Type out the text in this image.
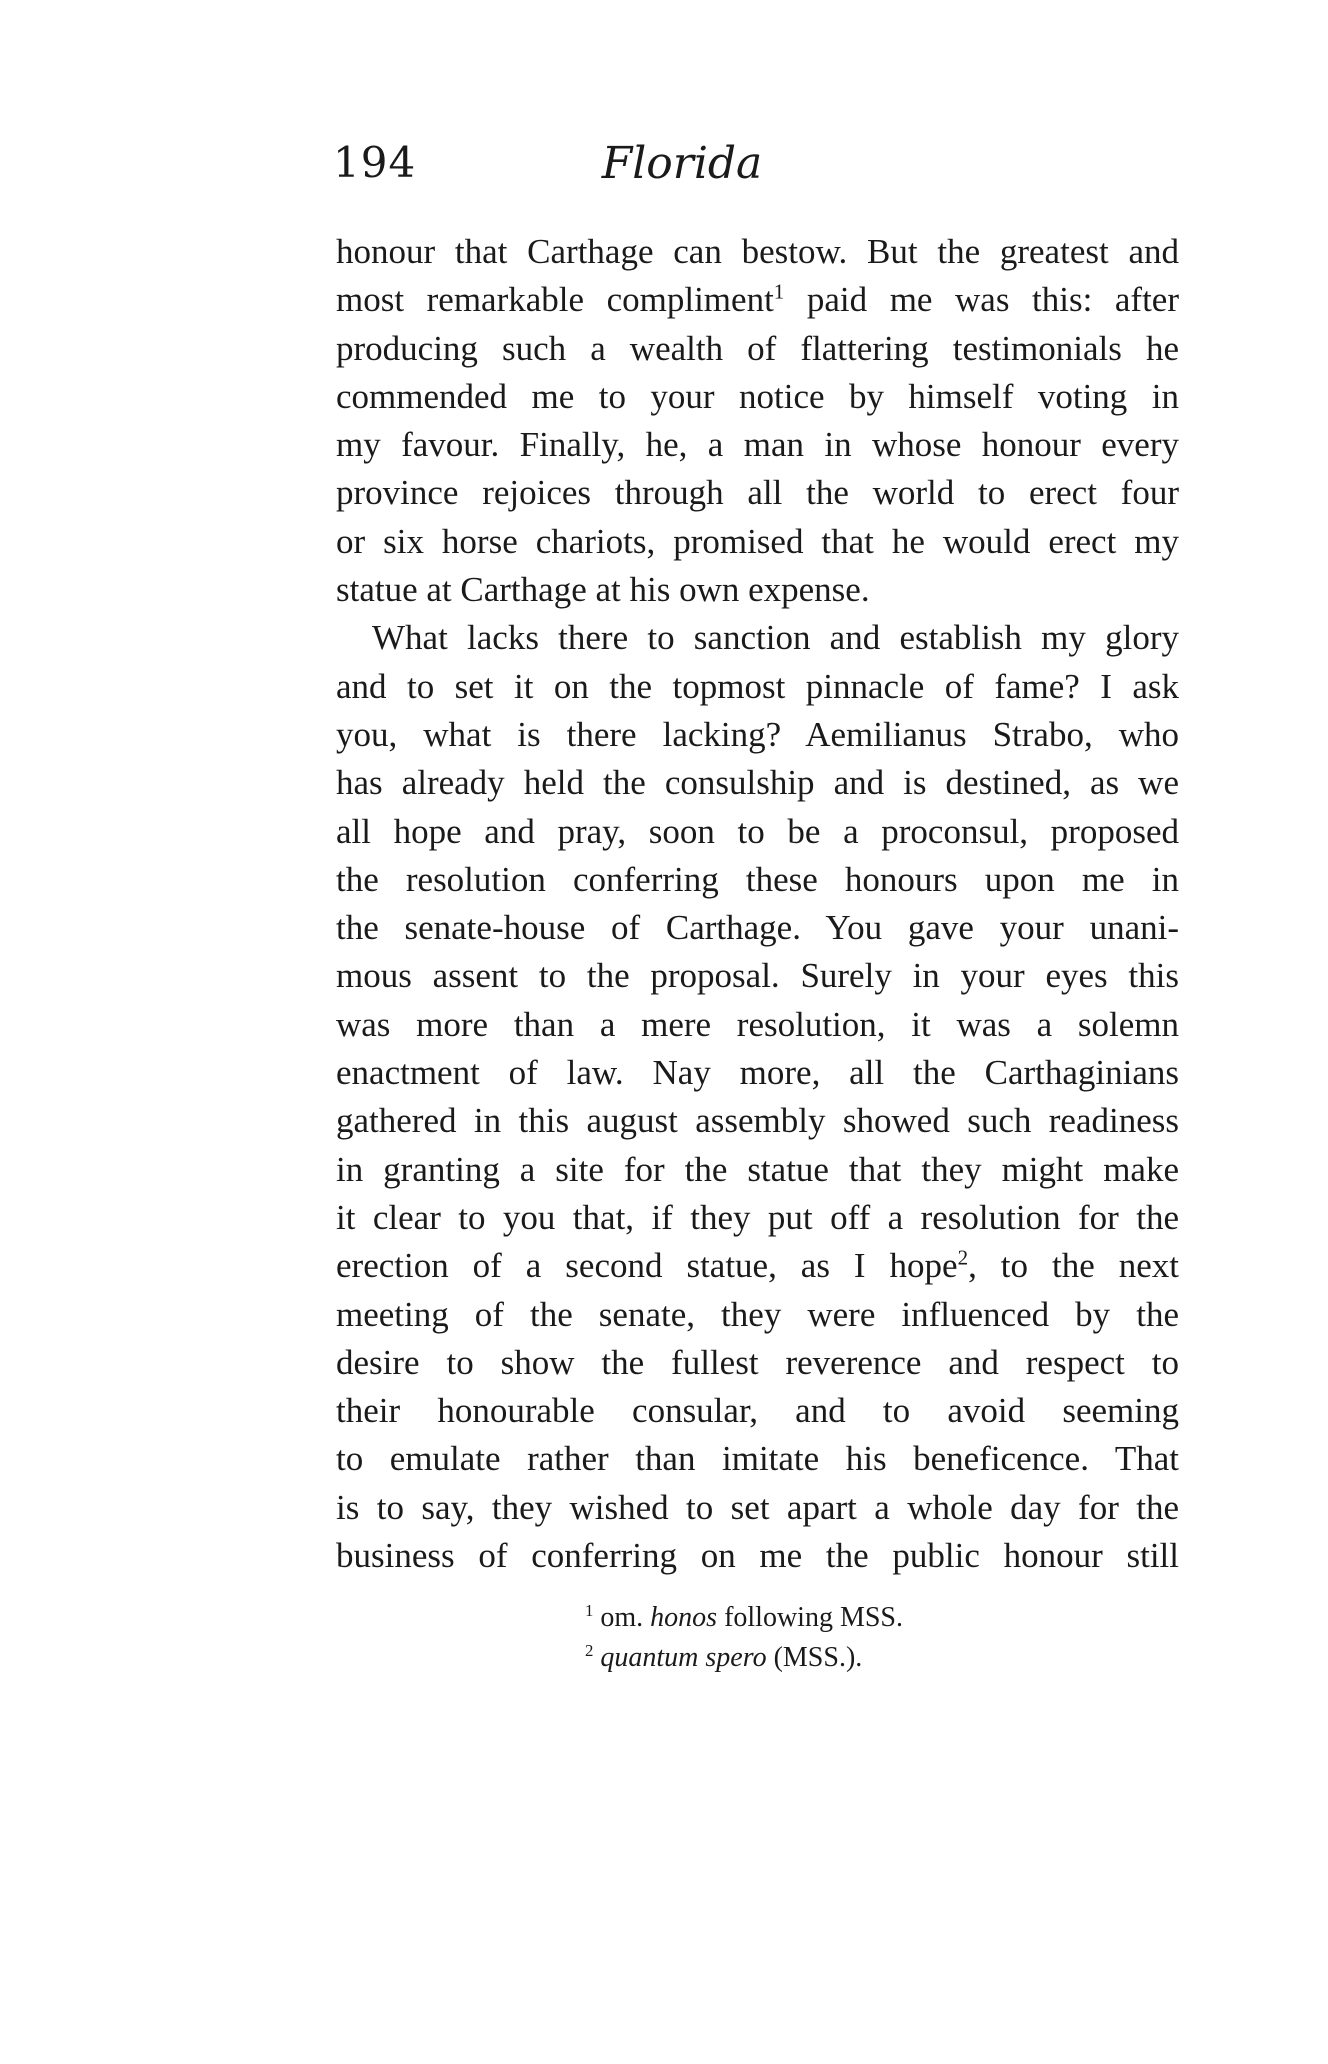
194	Florida
honour that Carthage can bestow. But the greatest and
most remarkable compliment$^1$ paid me was this: after
producing such a wealth of flattering testimonials he
commended me to your notice by himself voting in
my favour. Finally, he, a man in whose honour every
province rejoices through all the world to erect four
or six horse chariots, promised that he would erect my
statue at Carthage at his own expense.
What lacks there to sanction and establish my glory
and to set it on the topmost pinnacle of fame? I ask
you, what is there lacking? Aemilianus Strabo, who
has already held the consulship and is destined, as we
all hope and pray, soon to be a proconsul, proposed
the resolution conferring these honours upon me in
the senate-house of Carthage. You gave your unani-
mous assent to the proposal. Surely in your eyes this
was more than a mere resolution, it was a solemn
enactment of law. Nay more, all the Carthaginians
gathered in this august assembly showed such readiness
in granting a site for the statue that they might make
it clear to you that, if they put off a resolution for the
erection of a second statue, as I hope$^2$, to the next
meeting of the senate, they were influenced by the
desire to show the fullest reverence and respect to
their honourable consular, and to avoid seeming
to emulate rather than imitate his beneficence. That
is to say, they wished to set apart a whole day for the
business of conferring on me the public honour still
$^1$ om. honos following MSS.
$^2$ quantum spero (MSS.).
